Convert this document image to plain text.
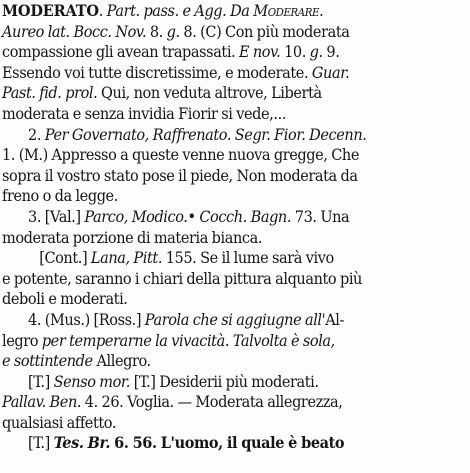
MODERATO. Part. pass. e Agg. Da Moderare.
Aureo lat. Bocc. Nov. 8. g. 8. (C) Con più moderata
compassione gli avean trapassati. E nov. 10. g. 9.
Essendo voi tutte discretissime, e moderate. Guar.
Past. fid. prol. Qui, non veduta altrove, Libertà
moderata e senza invidia Fiorir si vede,...
2. Per Governato, Raffrenato. Segr. Fior. Decenn.
1. (M.) Appresso a queste venne nuova gregge, Che
sopra il vostro stato pose il piede, Non moderata da
freno o da legge.
3. [Val.] Parco, Modico.• Cocch. Bagn. 73. Una
moderata porzione di materia bianca.
[Cont.] Lana, Pitt. 155. Se il lume sarà vivo
e potente, saranno i chiari della pittura alquanto più
deboli e moderati.
4. (Mus.) [Ross.] Parola che si aggiugne all'Al-
legro per temperarne la vivacità. Talvolta è sola,
e sottintende Allegro.
[T.] Senso mor. [T.] Desiderii più moderati.
Pallav. Ben. 4. 26. Voglia. — Moderata allegrezza,
qualsiasi affetto.
[T.] Tes. Br. 6. 56. L'uomo, il quale è beato
